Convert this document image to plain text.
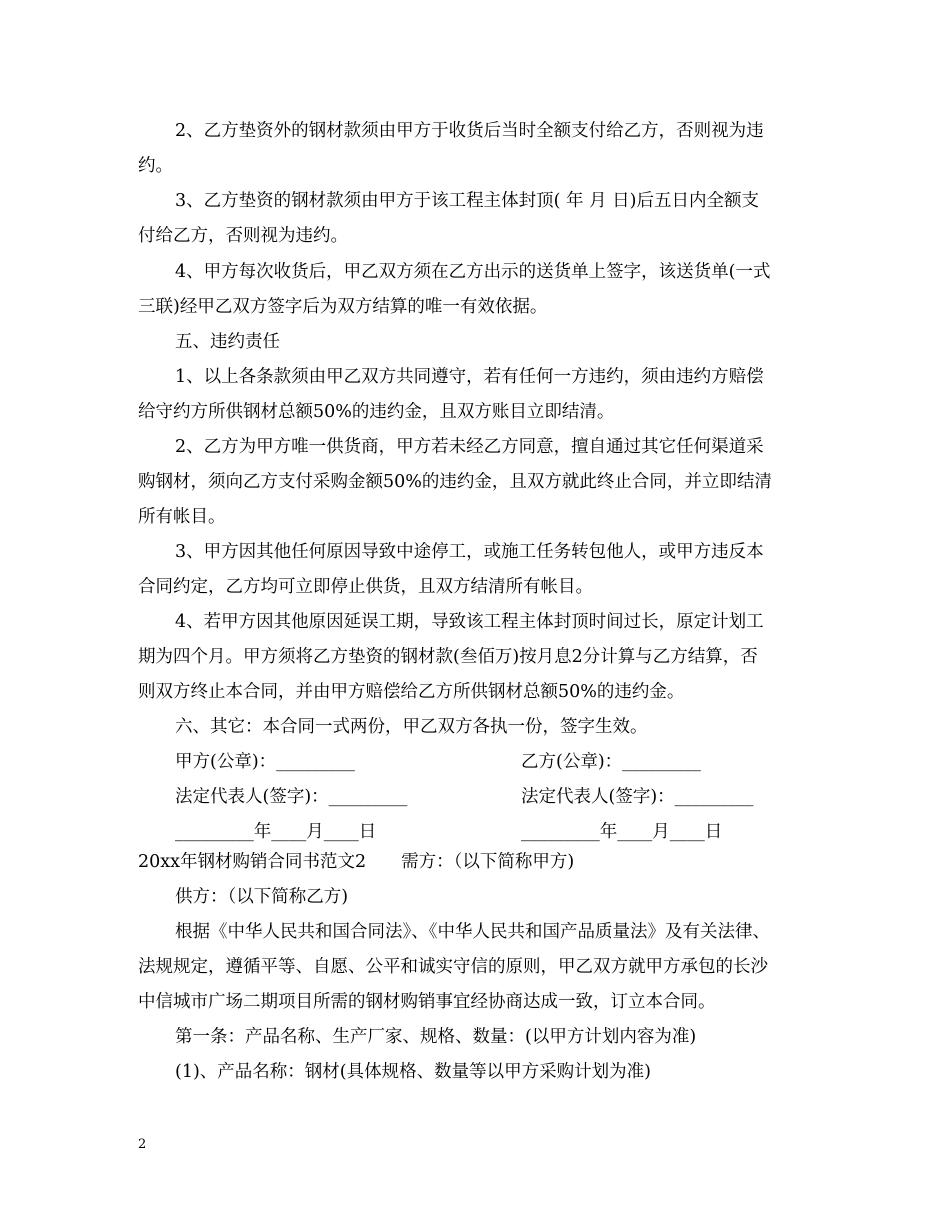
2、乙方垫资外的钢材款须由甲方于收货后当时全额支付给乙方，否则视为违
约。
3、乙方垫资的钢材款须由甲方于该工程主体封顶( 年 月 日)后五日内全额支
付给乙方，否则视为违约。
4、甲方每次收货后，甲乙双方须在乙方出示的送货单上签字，该送货单(一式
三联)经甲乙双方签字后为双方结算的唯一有效依据。
五、违约责任
1、以上各条款须由甲乙双方共同遵守，若有任何一方违约，须由违约方赔偿
给守约方所供钢材总额50%的违约金，且双方账目立即结清。
2、乙方为甲方唯一供货商，甲方若未经乙方同意，擅自通过其它任何渠道采
购钢材，须向乙方支付采购金额50%的违约金，且双方就此终止合同，并立即结清
所有帐目。
3、甲方因其他任何原因导致中途停工，或施工任务转包他人，或甲方违反本
合同约定，乙方均可立即停止供货，且双方结清所有帐目。
4、若甲方因其他原因延误工期，导致该工程主体封顶时间过长，原定计划工
期为四个月。甲方须将乙方垫资的钢材款(叁佰万)按月息2分计算与乙方结算，否
则双方终止本合同，并由甲方赔偿给乙方所供钢材总额50%的违约金。
六、其它：本合同一式两份，甲乙双方各执一份，签字生效。
甲方(公章)：_________	乙方(公章)：_________
法定代表人(签字)：_________	法定代表人(签字)：_________
_________年____月____日	_________年____月____日
20xx年钢材购销合同书范文2　　需方：（以下简称甲方)
供方：（以下简称乙方)
根据《中华人民共和国合同法》、《中华人民共和国产品质量法》及有关法律、
法规规定，遵循平等、自愿、公平和诚实守信的原则，甲乙双方就甲方承包的长沙
中信城市广场二期项目所需的钢材购销事宜经协商达成一致，订立本合同。
第一条：产品名称、生产厂家、规格、数量：(以甲方计划内容为准)
(1)、产品名称：钢材(具体规格、数量等以甲方采购计划为准)
2
